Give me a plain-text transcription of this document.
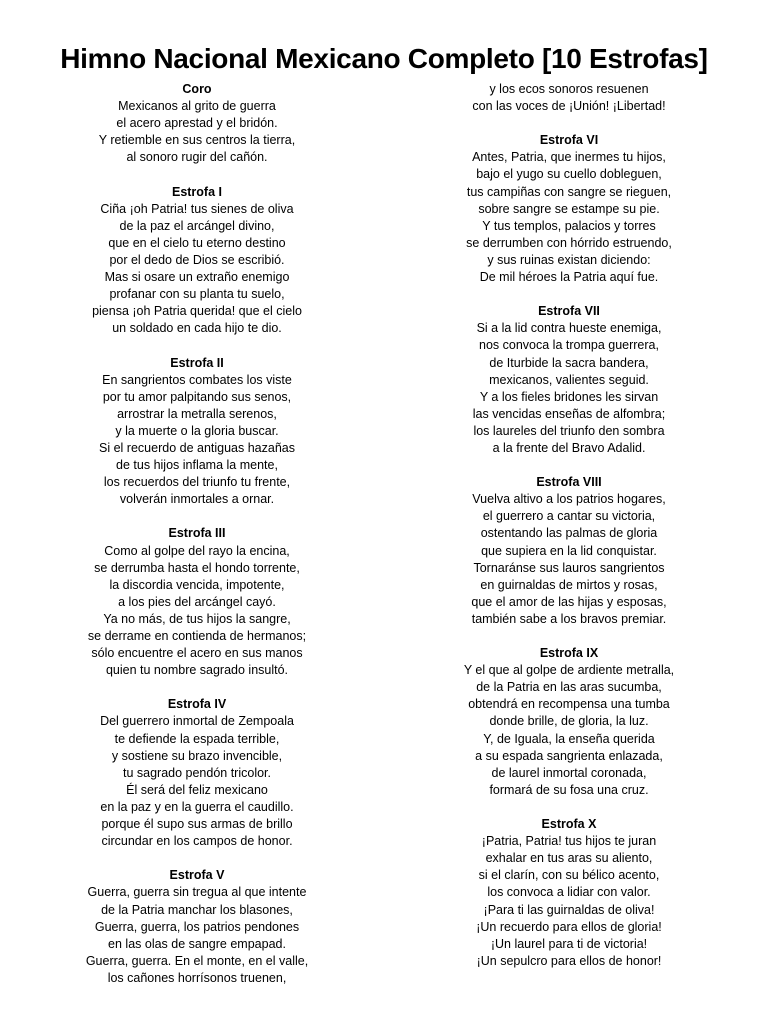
Himno Nacional Mexicano Completo [10 Estrofas]
Coro
Mexicanos al grito de guerra
el acero aprestad y el bridón.
Y retiemble en sus centros la tierra,
al sonoro rugir del cañón.
Estrofa I
Ciña ¡oh Patria! tus sienes de oliva
de la paz el arcángel divino,
que en el cielo tu eterno destino
por el dedo de Dios se escribió.
Mas si osare un extraño enemigo
profanar con su planta tu suelo,
piensa ¡oh Patria querida! que el cielo
un soldado en cada hijo te dio.
Estrofa II
En sangrientos combates los viste
por tu amor palpitando sus senos,
arrostrar la metralla serenos,
y la muerte o la gloria buscar.
Si el recuerdo de antiguas hazañas
de tus hijos inflama la mente,
los recuerdos del triunfo tu frente,
volverán inmortales a ornar.
Estrofa III
Como al golpe del rayo la encina,
se derrumba hasta el hondo torrente,
la discordia vencida, impotente,
a los pies del arcángel cayó.
Ya no más, de tus hijos la sangre,
se derrame en contienda de hermanos;
sólo encuentre el acero en sus manos
quien tu nombre sagrado insultó.
Estrofa IV
Del guerrero inmortal de Zempoala
te defiende la espada terrible,
y sostiene su brazo invencible,
tu sagrado pendón tricolor.
Él será del feliz mexicano
en la paz y en la guerra el caudillo.
porque él supo sus armas de brillo
circundar en los campos de honor.
Estrofa V
Guerra, guerra sin tregua al que intente
de la Patria manchar los blasones,
Guerra, guerra, los patrios pendones
en las olas de sangre empapad.
Guerra, guerra. En el monte, en el valle,
los cañones horrísonos truenen,
y los ecos sonoros resuenen
con las voces de ¡Unión! ¡Libertad!
Estrofa VI
Antes, Patria, que inermes tu hijos,
bajo el yugo su cuello dobleguen,
tus campiñas con sangre se rieguen,
sobre sangre se estampe su pie.
Y tus templos, palacios y torres
se derrumben con hórrido estruendo,
y sus ruinas existan diciendo:
De mil héroes la Patria aquí fue.
Estrofa VII
Si a la lid contra hueste enemiga,
nos convoca la trompa guerrera,
de Iturbide la sacra bandera,
mexicanos, valientes seguid.
Y a los fieles bridones les sirvan
las vencidas enseñas de alfombra;
los laureles del triunfo den sombra
a la frente del Bravo Adalid.
Estrofa VIII
Vuelva altivo a los patrios hogares,
el guerrero a cantar su victoria,
ostentando las palmas de gloria
que supiera en la lid conquistar.
Tornaránse sus lauros sangrientos
en guirnaldas de mirtos y rosas,
que el amor de las hijas y esposas,
también sabe a los bravos premiar.
Estrofa IX
Y el que al golpe de ardiente metralla,
de la Patria en las aras sucumba,
obtendrá en recompensa una tumba
donde brille, de gloria, la luz.
Y, de Iguala, la enseña querida
a su espada sangrienta enlazada,
de laurel inmortal coronada,
formará de su fosa una cruz.
Estrofa X
¡Patria, Patria! tus hijos te juran
exhalar en tus aras su aliento,
si el clarín, con su bélico acento,
los convoca a lidiar con valor.
¡Para ti las guirnaldas de oliva!
¡Un recuerdo para ellos de gloria!
¡Un laurel para ti de victoria!
¡Un sepulcro para ellos de honor!
